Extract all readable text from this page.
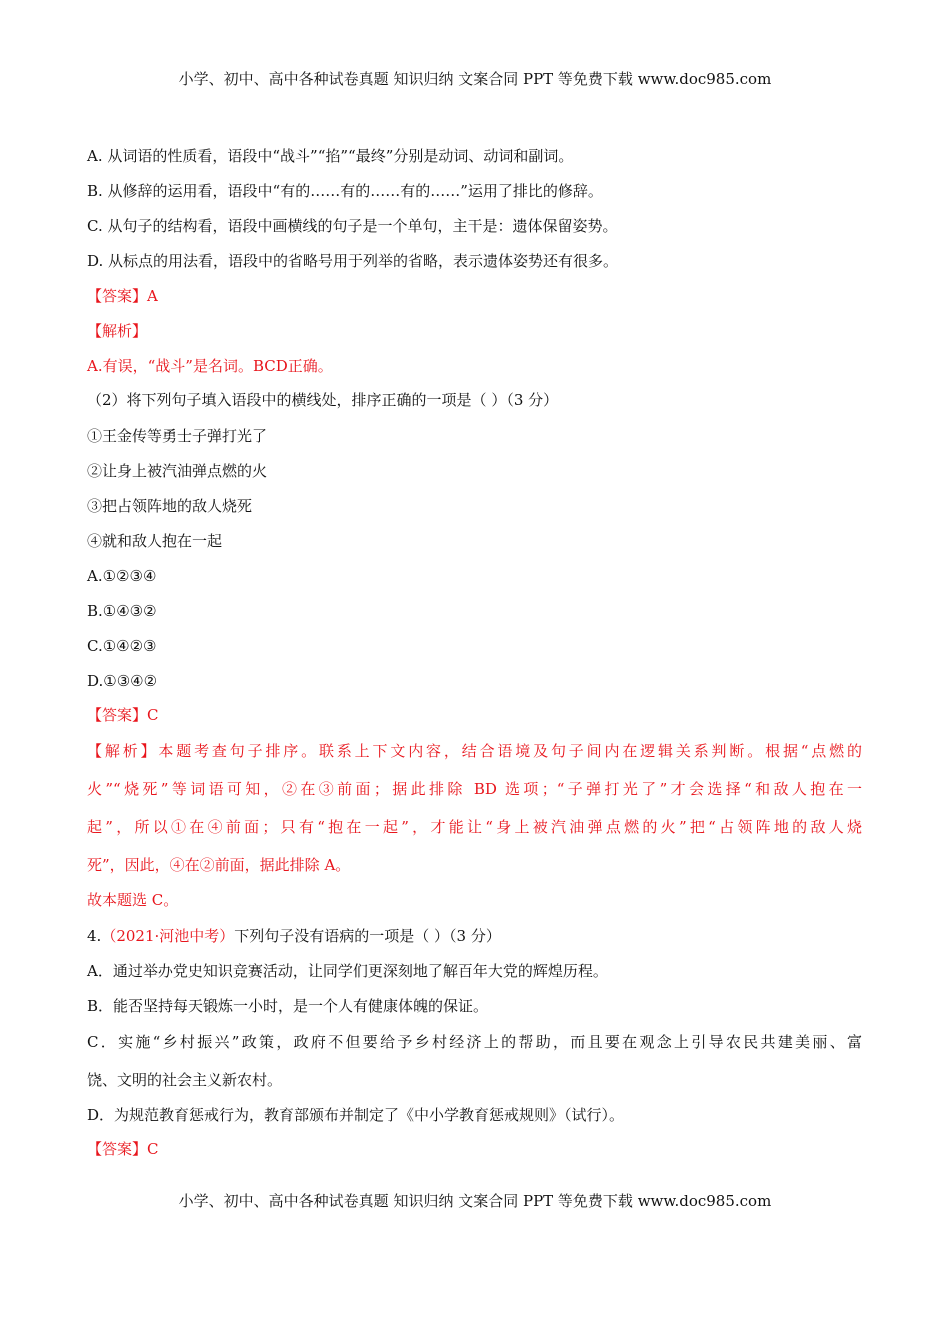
小学、初中、高中各种试卷真题 知识归纳 文案合同 PPT 等免费下载 www.doc985.com
A. 从词语的性质看，语段中“战斗”“掐”“最终”分别是动词、动词和副词。
B. 从修辞的运用看，语段中“有的……有的……有的……”运用了排比的修辞。
C. 从句子的结构看，语段中画横线的句子是一个单句，主干是：遗体保留姿势。
D. 从标点的用法看，语段中的省略号用于列举的省略，表示遗体姿势还有很多。
【答案】A
【解析】
A.有误，“战斗”是名词。BCD正确。
（2）将下列句子填入语段中的横线处，排序正确的一项是（ ）（3 分）
①王金传等勇士子弹打光了
②让身上被汽油弹点燃的火
③把占领阵地的敌人烧死
④就和敌人抱在一起
A.①②③④
B.①④③②
C.①④②③
D.①③④②
【答案】C
【解析】本题考查句子排序。联系上下文内容，结合语境及句子间内在逻辑关系判断。根据“点燃的
火”“烧死”等词语可知，②在③前面；据此排除 BD 选项；“子弹打光了”才会选择“和敌人抱在一
起”，所以①在④前面；只有“抱在一起”，才能让“身上被汽油弹点燃的火”把“占领阵地的敌人烧
死”，因此，④在②前面，据此排除 A。
故本题选 C。
4.（2021·河池中考）下列句子没有语病的一项是（ ）（3 分）
A．通过举办党史知识竞赛活动，让同学们更深刻地了解百年大党的辉煌历程。
B．能否坚持每天锻炼一小时，是一个人有健康体魄的保证。
C．实施“乡村振兴”政策，政府不但要给予乡村经济上的帮助，而且要在观念上引导农民共建美丽、富
饶、文明的社会主义新农村。
D．为规范教育惩戒行为，教育部颁布并制定了《中小学教育惩戒规则》（试行）。
【答案】C
小学、初中、高中各种试卷真题 知识归纳 文案合同 PPT 等免费下载 www.doc985.com
